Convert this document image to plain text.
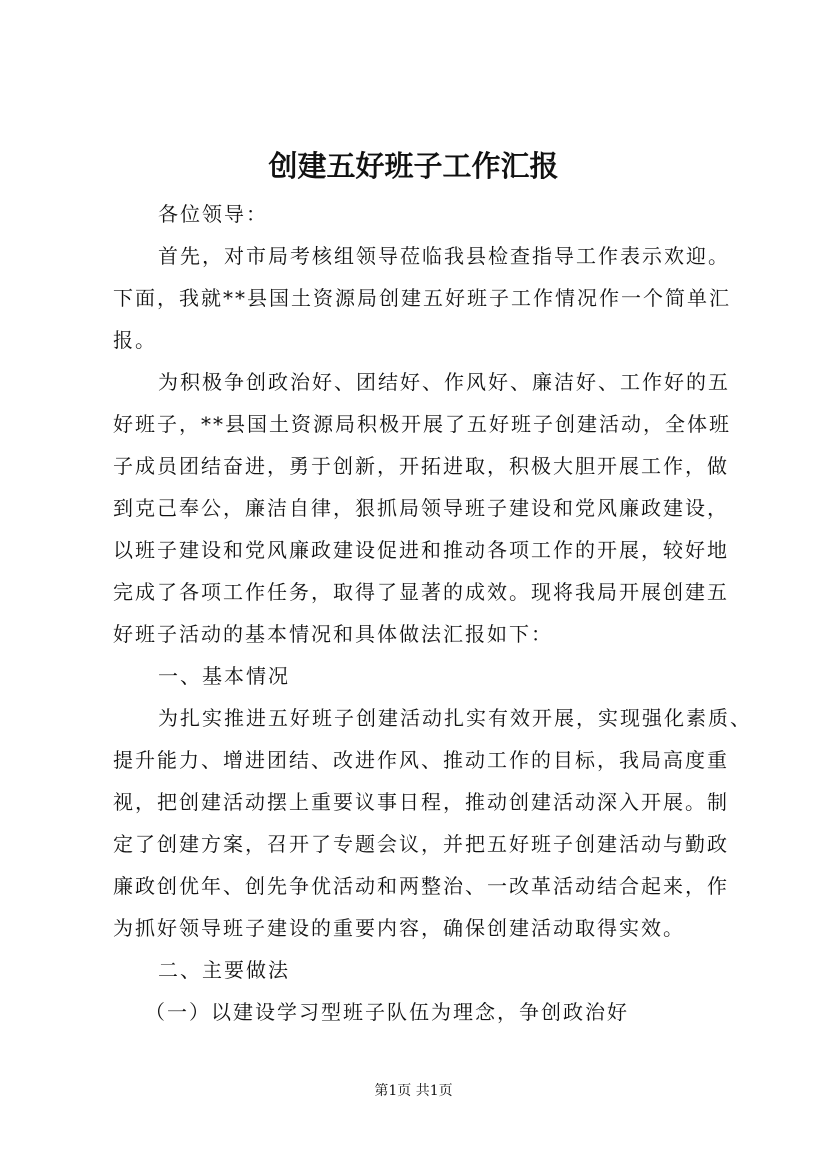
创建五好班子工作汇报
各位领导：
首先，对市局考核组领导莅临我县检查指导工作表示欢迎。
下面，我就**县国土资源局创建五好班子工作情况作一个简单汇
报。
为积极争创政治好、团结好、作风好、廉洁好、工作好的五
好班子，**县国土资源局积极开展了五好班子创建活动，全体班
子成员团结奋进，勇于创新，开拓进取，积极大胆开展工作，做
到克己奉公，廉洁自律，狠抓局领导班子建设和党风廉政建设，
以班子建设和党风廉政建设促进和推动各项工作的开展，较好地
完成了各项工作任务，取得了显著的成效。现将我局开展创建五
好班子活动的基本情况和具体做法汇报如下：
一、基本情况
为扎实推进五好班子创建活动扎实有效开展，实现强化素质、
提升能力、增进团结、改进作风、推动工作的目标，我局高度重
视，把创建活动摆上重要议事日程，推动创建活动深入开展。制
定了创建方案，召开了专题会议，并把五好班子创建活动与勤政
廉政创优年、创先争优活动和两整治、一改革活动结合起来，作
为抓好领导班子建设的重要内容，确保创建活动取得实效。
二、主要做法
（一）以建设学习型班子队伍为理念，争创政治好
第1页 共1页
